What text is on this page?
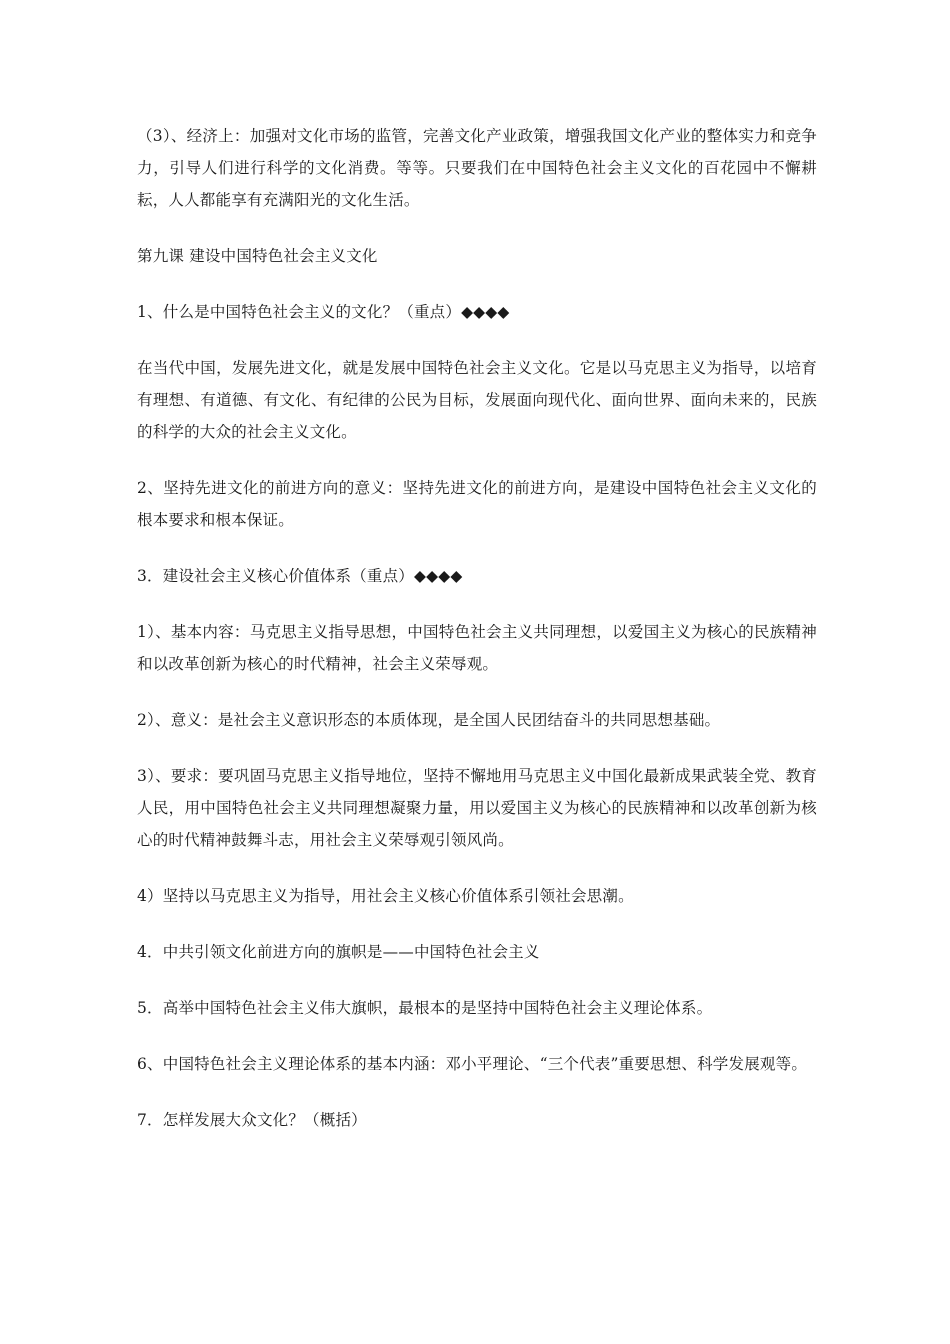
（3）、经济上：加强对文化市场的监管，完善文化产业政策，增强我国文化产业的整体实力和竞争力，引导人们进行科学的文化消费。等等。只要我们在中国特色社会主义文化的百花园中不懈耕耘，人人都能享有充满阳光的文化生活。

第九课 建设中国特色社会主义文化

1、什么是中国特色社会主义的文化？（重点）◆◆◆◆

在当代中国，发展先进文化，就是发展中国特色社会主义文化。它是以马克思主义为指导，以培育有理想、有道德、有文化、有纪律的公民为目标，发展面向现代化、面向世界、面向未来的，民族的科学的大众的社会主义文化。

2、坚持先进文化的前进方向的意义：坚持先进文化的前进方向，是建设中国特色社会主义文化的根本要求和根本保证。

3．建设社会主义核心价值体系（重点）◆◆◆◆

1）、基本内容：马克思主义指导思想，中国特色社会主义共同理想，以爱国主义为核心的民族精神和以改革创新为核心的时代精神，社会主义荣辱观。

2）、意义：是社会主义意识形态的本质体现，是全国人民团结奋斗的共同思想基础。

3）、要求：要巩固马克思主义指导地位，坚持不懈地用马克思主义中国化最新成果武装全党、教育人民，用中国特色社会主义共同理想凝聚力量，用以爱国主义为核心的民族精神和以改革创新为核心的时代精神鼓舞斗志，用社会主义荣辱观引领风尚。

4）坚持以马克思主义为指导，用社会主义核心价值体系引领社会思潮。

4．中共引领文化前进方向的旗帜是——中国特色社会主义

5．高举中国特色社会主义伟大旗帜，最根本的是坚持中国特色社会主义理论体系。

6、中国特色社会主义理论体系的基本内涵：邓小平理论、“三个代表”重要思想、科学发展观等。

7．怎样发展大众文化？（概括）
